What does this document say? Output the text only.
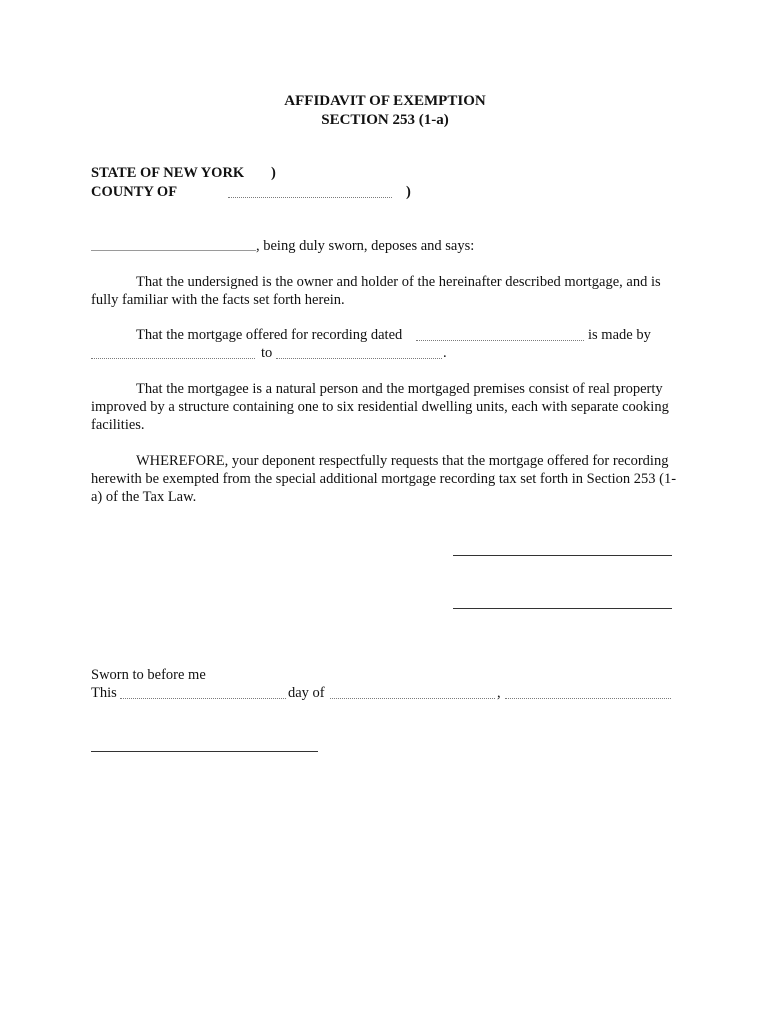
AFFIDAVIT OF EXEMPTION
SECTION 253 (1-a)
STATE OF NEW YORK )
COUNTY OF	)
, being duly sworn, deposes and says:
That the undersigned is the owner and holder of the hereinafter described mortgage, and is fully familiar with the facts set forth herein.
That the mortgage offered for recording dated	is made by
to	.
That the mortgagee is a natural person and the mortgaged premises consist of real property improved by a structure containing one to six residential dwelling units, each with separate cooking facilities.
WHEREFORE, your deponent respectfully requests that the mortgage offered for recording herewith be exempted from the special additional mortgage recording tax set forth in Section 253 (1-a) of the Tax Law.
Sworn to before me
This	day of	,
